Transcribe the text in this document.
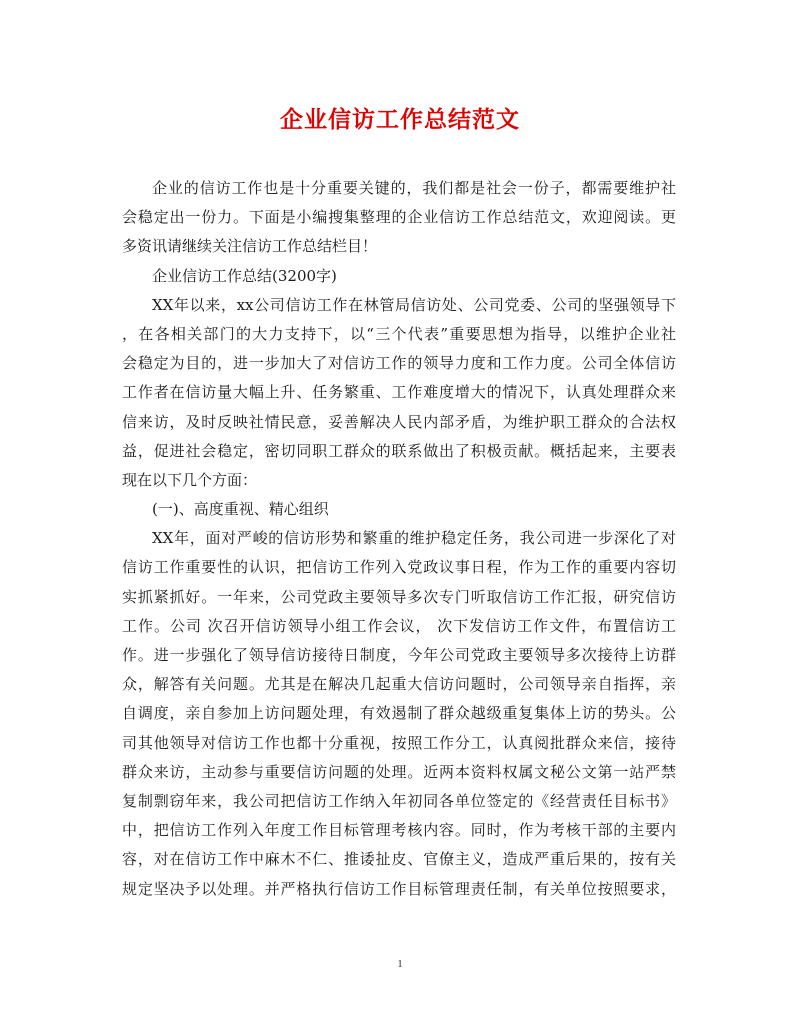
企业信访工作总结范文
企业的信访工作也是十分重要关键的，我们都是社会一份子，都需要维护社
会稳定出一份力。下面是小编搜集整理的企业信访工作总结范文，欢迎阅读。更
多资讯请继续关注信访工作总结栏目！
企业信访工作总结(3200字)
XX年以来，xx公司信访工作在林管局信访处、公司党委、公司的坚强领导下
，在各相关部门的大力支持下，以“三个代表”重要思想为指导，以维护企业社
会稳定为目的，进一步加大了对信访工作的领导力度和工作力度。公司全体信访
工作者在信访量大幅上升、任务繁重、工作难度增大的情况下，认真处理群众来
信来访，及时反映社情民意，妥善解决人民内部矛盾，为维护职工群众的合法权
益，促进社会稳定，密切同职工群众的联系做出了积极贡献。概括起来，主要表
现在以下几个方面：
(一)、高度重视、精心组织
XX年，面对严峻的信访形势和繁重的维护稳定任务，我公司进一步深化了对
信访工作重要性的认识，把信访工作列入党政议事日程，作为工作的重要内容切
实抓紧抓好。一年来，公司党政主要领导多次专门听取信访工作汇报，研究信访
工作。公司 次召开信访领导小组工作会议， 次下发信访工作文件，布置信访工
作。进一步强化了领导信访接待日制度，今年公司党政主要领导多次接待上访群
众，解答有关问题。尤其是在解决几起重大信访问题时，公司领导亲自指挥，亲
自调度，亲自参加上访问题处理，有效遏制了群众越级重复集体上访的势头。公
司其他领导对信访工作也都十分重视，按照工作分工，认真阅批群众来信，接待
群众来访，主动参与重要信访问题的处理。近两本资料权属文秘公文第一站严禁
复制剽窃年来，我公司把信访工作纳入年初同各单位签定的《经营责任目标书》
中，把信访工作列入年度工作目标管理考核内容。同时，作为考核干部的主要内
容，对在信访工作中麻木不仁、推诿扯皮、官僚主义，造成严重后果的，按有关
规定坚决予以处理。并严格执行信访工作目标管理责任制，有关单位按照要求，
1
